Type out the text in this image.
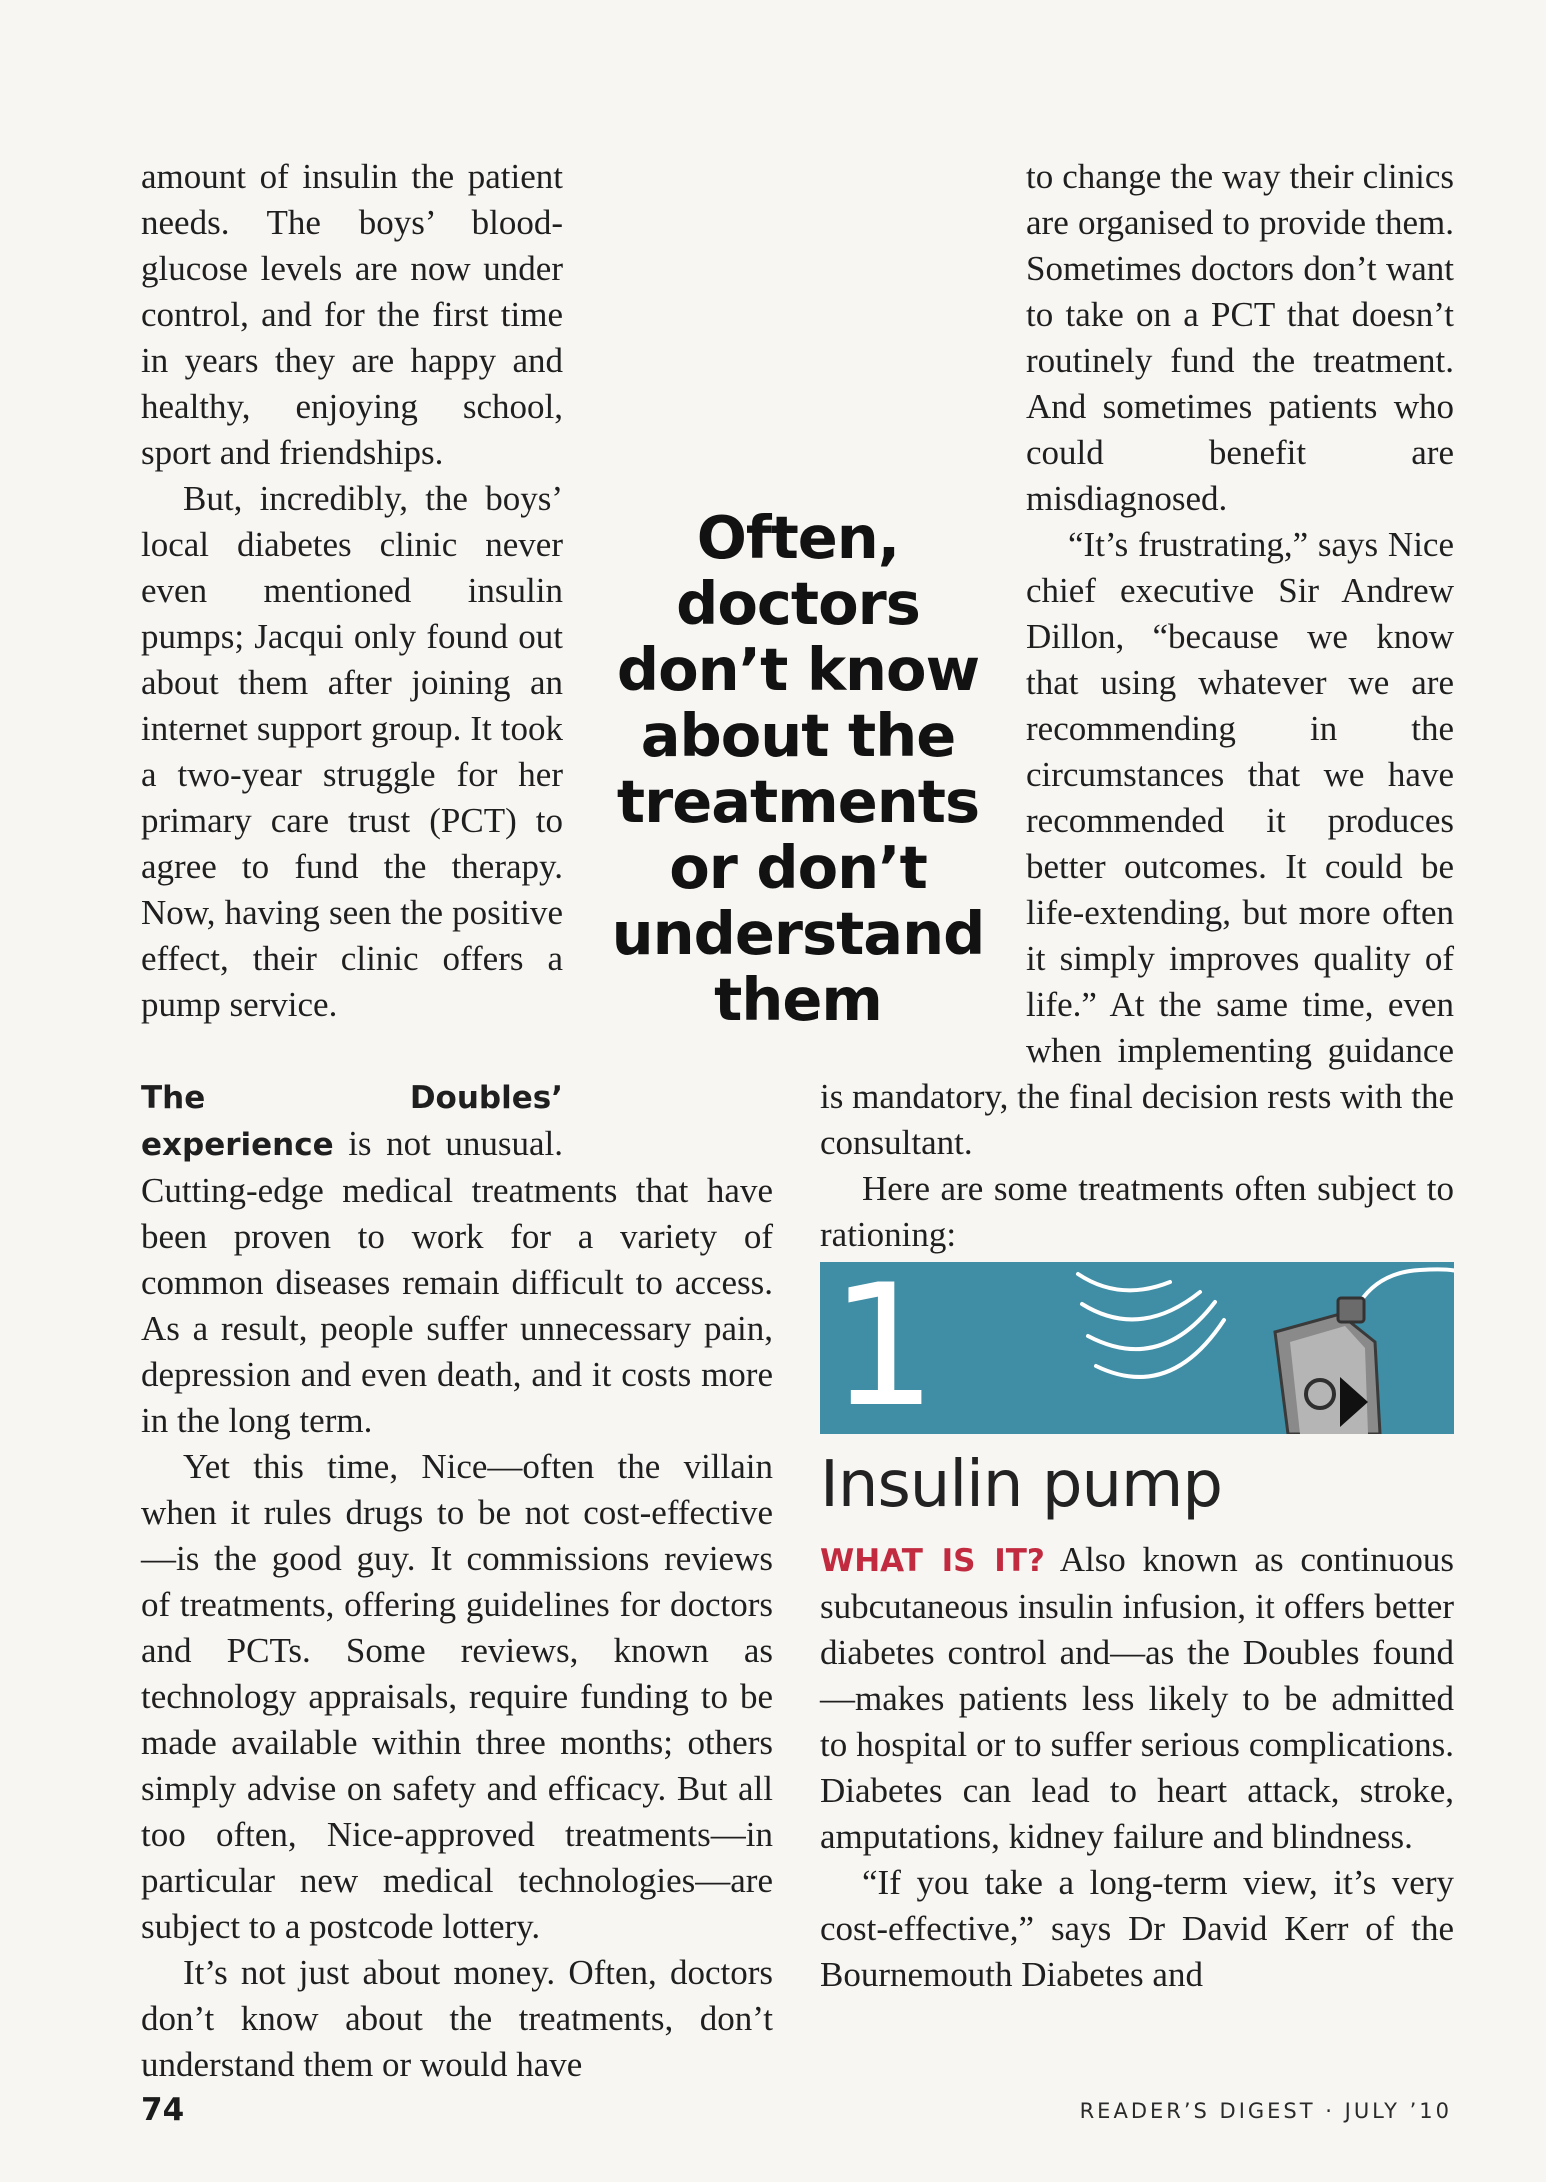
amount of insulin the patient needs. The boys’ blood-glucose levels are now under control, and for the first time in years they are happy and healthy, enjoying school, sport and friendships.

But, incredibly, the boys’ local diabetes clinic never even mentioned insulin pumps; Jacqui only found out about them after joining an internet support group. It took a two-year struggle for her primary care trust (PCT) to agree to fund the therapy. Now, having seen the positive effect, their clinic offers a pump service.

The Doubles’ experience is not unusual. Cutting-edge medical treatments that have been proven to work for a variety of common diseases remain difficult to access. As a result, people suffer unnecessary pain, depression and even death, and it costs more in the long term.

Yet this time, Nice—often the villain when it rules drugs to be not cost-effective—is the good guy. It commissions reviews of treatments, offering guidelines for doctors and PCTs. Some reviews, known as technology appraisals, require funding to be made available within three months; others simply advise on safety and efficacy. But all too often, Nice-approved treatments—in particular new medical technologies—are subject to a postcode lottery.

It’s not just about money. Often, doctors don’t know about the treatments, don’t understand them or would have

Often,
doctors
don’t know
about the
treatments
or don’t
understand
them

to change the way their clinics are organised to provide them. Sometimes doctors don’t want to take on a PCT that doesn’t routinely fund the treatment. And sometimes patients who could benefit are misdiagnosed.

“It’s frustrating,” says Nice chief executive Sir Andrew Dillon, “because we know that using whatever we are recommending in the circumstances that we have recommended it produces better outcomes. It could be life-extending, but more often it simply improves quality of life.” At the same time, even when implementing guidance is mandatory, the final decision rests with the consultant.

Here are some treatments often subject to rationing:

1
Insulin pump

WHAT IS IT? Also known as continuous subcutaneous insulin infusion, it offers better diabetes control and—as the Doubles found—makes patients less likely to be admitted to hospital or to suffer serious complications. Diabetes can lead to heart attack, stroke, amputations, kidney failure and blindness.

“If you take a long-term view, it’s very cost-effective,” says Dr David Kerr of the Bournemouth Diabetes and

74	READER’S DIGEST · JULY ’10
